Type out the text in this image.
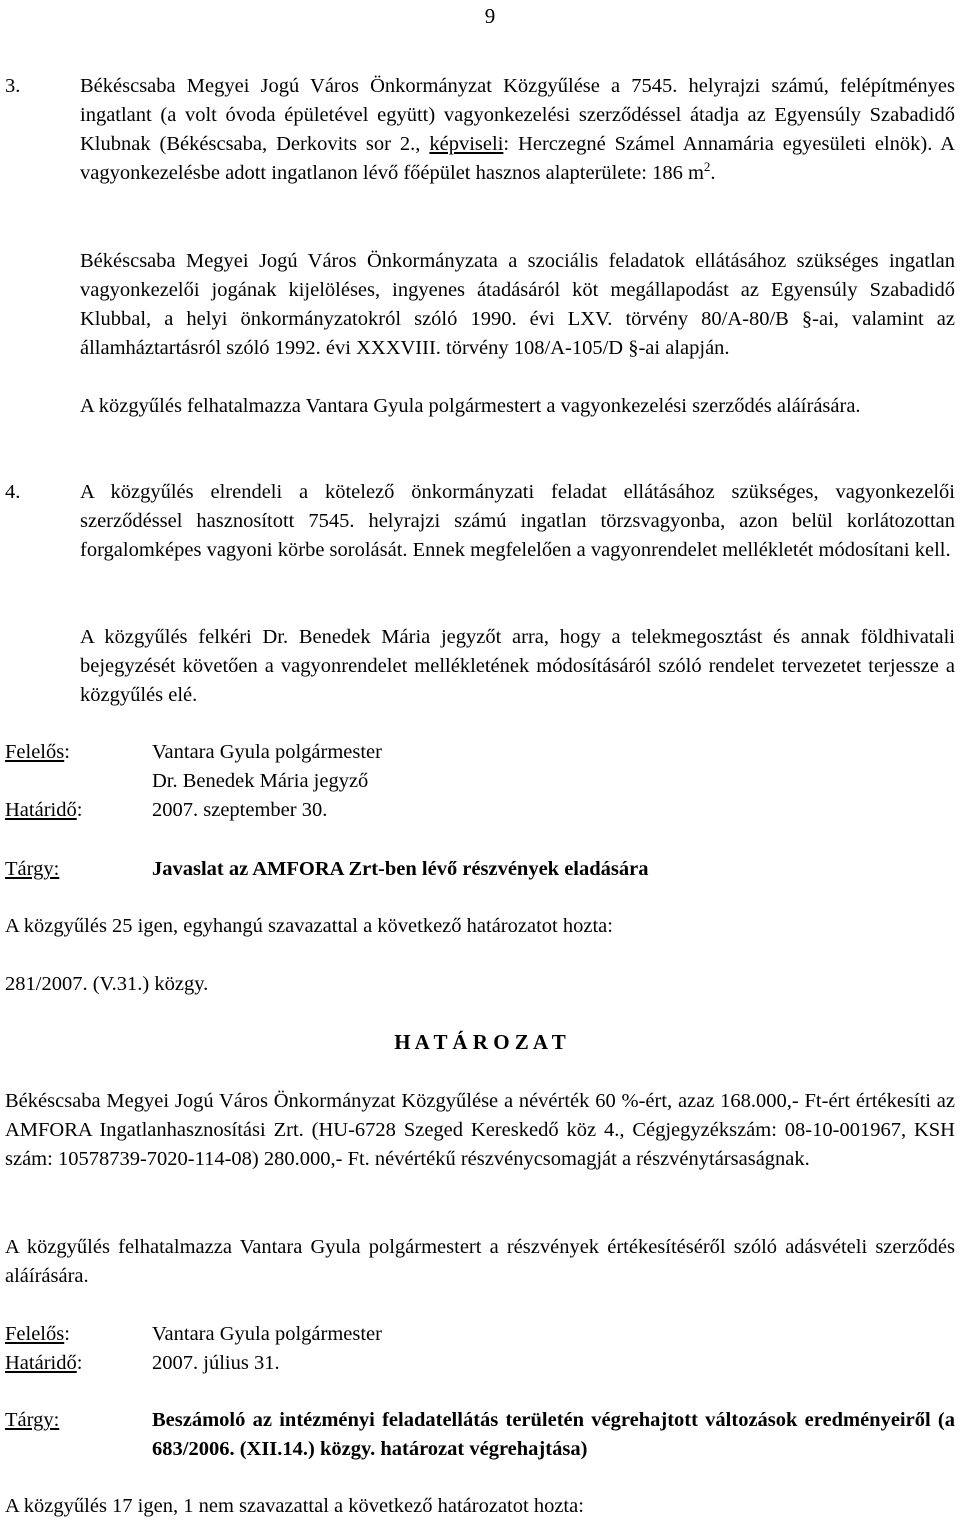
9
3.	Békéscsaba Megyei Jogú Város Önkormányzat Közgyűlése a 7545. helyrajzi számú, felépítményes ingatlant (a volt óvoda épületével együtt) vagyonkezelési szerződéssel átadja az Egyensúly Szabadidő Klubnak (Békéscsaba, Derkovits sor 2., képviseli: Herczegné Számel Annamária egyesületi elnök). A vagyonkezelésbe adott ingatlanon lévő főépület hasznos alapterülete: 186 $m^2$.

Békéscsaba Megyei Jogú Város Önkormányzata a szociális feladatok ellátásához szükséges ingatlan vagyonkezelői jogának kijelöléses, ingyenes átadásáról köt megállapodást az Egyensúly Szabadidő Klubbal, a helyi önkormányzatokról szóló 1990. évi LXV. törvény 80/A-80/B §-ai, valamint az államháztartásról szóló 1992. évi XXXVIII. törvény 108/A-105/D §-ai alapján.

A közgyűlés felhatalmazza Vantara Gyula polgármestert a vagyonkezelési szerződés aláírására.

4.	A közgyűlés elrendeli a kötelező önkormányzati feladat ellátásához szükséges, vagyonkezelői szerződéssel hasznosított 7545. helyrajzi számú ingatlan törzsvagyonba, azon belül korlátozottan forgalomképes vagyoni körbe sorolását. Ennek megfelelően a vagyonrendelet mellékletét módosítani kell.

A közgyűlés felkéri Dr. Benedek Mária jegyzőt arra, hogy a telekmegosztást és annak földhivatali bejegyzését követően a vagyonrendelet mellékletének módosításáról szóló rendelet tervezetet terjessze a közgyűlés elé.

Felelős:	Vantara Gyula polgármester
Dr. Benedek Mária jegyző
Határidő:	2007. szeptember 30.
Tárgy:	Javaslat az AMFORA Zrt-ben lévő részvények eladására

A közgyűlés 25 igen, egyhangú szavazattal a következő határozatot hozta:

281/2007. (V.31.) közgy.

H A T Á R O Z A T

Békéscsaba Megyei Jogú Város Önkormányzat Közgyűlése a névérték 60 %-ért, azaz 168.000,- Ft-ért értékesíti az AMFORA Ingatlanhasznosítási Zrt. (HU-6728 Szeged Kereskedő köz 4., Cégjegyzékszám: 08-10-001967, KSH szám: 10578739-7020-114-08) 280.000,- Ft. névértékű részvénycsomagját a részvénytársaságnak.

A közgyűlés felhatalmazza Vantara Gyula polgármestert a részvények értékesítéséről szóló adásvételi szerződés aláírására.

Felelős:	Vantara Gyula polgármester
Határidő:	2007. július 31.
Tárgy:	Beszámoló az intézményi feladatellátás területén végrehajtott változások eredményeiről (a 683/2006. (XII.14.) közgy. határozat végrehajtása)

A közgyűlés 17 igen, 1 nem szavazattal a következő határozatot hozta:
